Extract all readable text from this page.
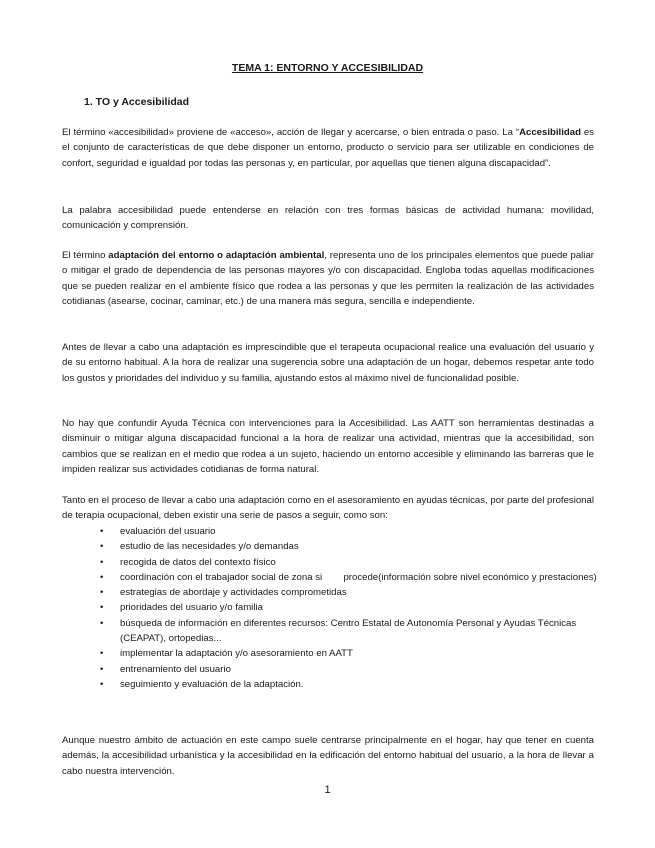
TEMA 1: ENTORNO Y ACCESIBILIDAD
1. TO y Accesibilidad

El término «accesibilidad» proviene de «acceso», acción de llegar y acercarse, o bien entrada o paso. La “Accesibilidad es el conjunto de características de que debe disponer un entorno, producto o servicio para ser utilizable en condiciones de confort, seguridad e igualdad por todas las personas y, en particular, por aquellas que tienen alguna discapacidad”.

La palabra accesibilidad puede entenderse en relación con tres formas básicas de actividad humana: movilidad, comunicación y comprensión.

El término adaptación del entorno o adaptación ambiental, representa uno de los principales elementos que puede paliar o mitigar el grado de dependencia de las personas mayores y/o con discapacidad. Engloba todas aquellas modificaciones que se pueden realizar en el ambiente físico que rodea a las personas y que les permiten la realización de las actividades cotidianas (asearse, cocinar, caminar, etc.) de una manera más segura, sencilla e independiente.

Antes de llevar a cabo una adaptación es imprescindible que el terapeuta ocupacional realice una evaluación del usuario y de su entorno habitual. A la hora de realizar una sugerencia sobre una adaptación de un hogar, debemos respetar ante todo los gustos y prioridades del individuo y su familia, ajustando estos al máximo nivel de funcionalidad posible.

No hay que confundir Ayuda Técnica con intervenciones para la Accesibilidad. Las AATT son herramientas destinadas a disminuir o mitigar alguna discapacidad funcional a la hora de realizar una actividad, mientras que la accesibilidad, son cambios que se realizan en el medio que rodea a un sujeto, haciendo un entorno accesible y eliminando las barreras que le impiden realizar sus actividades cotidianas de forma natural.

Tanto en el proceso de llevar a cabo una adaptación como en el asesoramiento en ayudas técnicas, por parte del profesional de terapia ocupacional, deben existir una serie de pasos a seguir, como son:

• evaluación del usuario
• estudio de las necesidades y/o demandas
• recogida de datos del contexto físico
• coordinación con el trabajador social de zona si        procede(información sobre nivel económico y prestaciones)
• estrategias de abordaje y actividades comprometidas
• prioridades del usuario y/o familia
• búsqueda de información en diferentes recursos: Centro Estatal de Autonomía Personal y Ayudas Técnicas (CEAPAT), ortopedias...
• implementar la adaptación y/o asesoramiento en AATT
• entrenamiento del usuario
• seguimiento y evaluación de la adaptación.

Aunque nuestro ámbito de actuación en este campo suele centrarse principalmente en el hogar, hay que tener en cuenta además, la accesibilidad urbanística y la accesibilidad en la edificación del entorno habitual del usuario, a la hora de llevar a cabo nuestra intervención.

1
